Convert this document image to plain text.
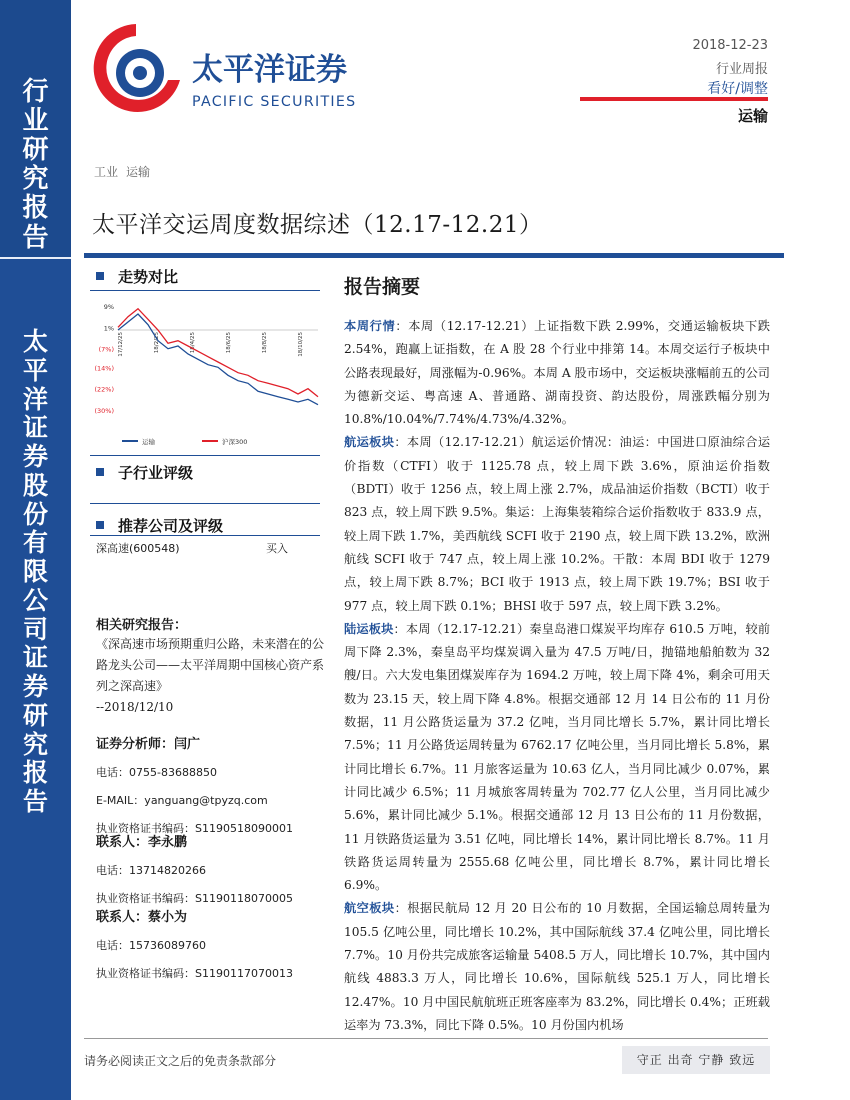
行
业
研
究
报
告
太
平
洋
证
券
股
份
有
限
公
司
证
券
研
究
报
告
太平洋证券
PACIFIC SECURITIES
2018-12-23
行业周报
看好/调整
运输
工业 运输
太平洋交运周度数据综述（12.17-12.21）
走势对比
9%
1%
(7%)
(14%)
(22%)
(30%)
17/12/25	18/2/25	18/4/25	18/6/25	18/8/25	18/10/25
运输	沪深300
子行业评级
推荐公司及评级
深高速(600548)	买入
相关研究报告：
《深高速市场预期重归公路，未来潜在的公路龙头公司——太平洋周期中国核心资产系列之深高速》
--2018/12/10
证券分析师：闫广
电话：0755-83688850
E-MAIL：yanguang@tpyzq.com
执业资格证书编码：S1190518090001
联系人：李永鹏
电话：13714820266
执业资格证书编码：S1190118070005
联系人：蔡小为
电话：15736089760
执业资格证书编码：S1190117070013
报告摘要

本周行情：本周（12.17-12.21）上证指数下跌 2.99%，交通运输板块下跌 2.54%，跑赢上证指数，在 A 股 28 个行业中排第 14。本周交运行子板块中公路表现最好，周涨幅为-0.96%。本周 A 股市场中，交运板块涨幅前五的公司为德新交运、粤高速 A、普通路、湖南投资、韵达股份，周涨跌幅分别为 10.8%/10.04%/7.74%/4.73%/4.32%。

航运板块：本周（12.17-12.21）航运运价情况：油运：中国进口原油综合运价指数（CTFI）收于 1125.78 点，较上周下跌 3.6%，原油运价指数（BDTI）收于 1256 点，较上周上涨 2.7%，成品油运价指数（BCTI）收于 823 点，较上周下跌 9.5%。集运：上海集装箱综合运价指数收于 833.9 点，较上周下跌 1.7%，美西航线 SCFI 收于 2190 点，较上周下跌 13.2%，欧洲航线 SCFI 收于 747 点，较上周上涨 10.2%。干散：本周 BDI 收于 1279 点，较上周下跌 8.7%；BCI 收于 1913 点，较上周下跌 19.7%；BSI 收于 977 点，较上周下跌 0.1%；BHSI 收于 597 点，较上周下跌 3.2%。

陆运板块：本周（12.17-12.21）秦皇岛港口煤炭平均库存 610.5 万吨，较前周下降 2.3%，秦皇岛平均煤炭调入量为 47.5 万吨/日，抛锚地船舶数为 32 艘/日。六大发电集团煤炭库存为 1694.2 万吨，较上周下降 4%，剩余可用天数为 23.15 天，较上周下降 4.8%。根据交通部 12 月 14 日公布的 11 月份数据，11 月公路货运量为 37.2 亿吨，当月同比增长 5.7%，累计同比增长 7.5%；11 月公路货运周转量为 6762.17 亿吨公里，当月同比增长 5.8%，累计同比增长 6.7%。11 月旅客运量为 10.63 亿人，当月同比减少 0.07%，累计同比减少 6.5%；11 月城旅客周转量为 702.77 亿人公里，当月同比减少 5.6%，累计同比减少 5.1%。根据交通部 12 月 13 日公布的 11 月份数据，11 月铁路货运量为 3.51 亿吨，同比增长 14%，累计同比增长 8.7%。11 月铁路货运周转量为 2555.68 亿吨公里，同比增长 8.7%，累计同比增长 6.9%。

航空板块：根据民航局 12 月 20 日公布的 10 月数据，全国运输总周转量为 105.5 亿吨公里，同比增长 10.2%，其中国际航线 37.4 亿吨公里，同比增长 7.7%。10 月份共完成旅客运输量 5408.5 万人，同比增长 10.7%，其中国内航线 4883.3 万人，同比增长 10.6%，国际航线 525.1 万人，同比增长 12.47%。10 月中国民航航班正班客座率为 83.2%，同比增长 0.4%；正班载运率为 73.3%，同比下降 0.5%。10 月份国内机场

请务必阅读正文之后的免责条款部分	守正 出奇 宁静 致远
